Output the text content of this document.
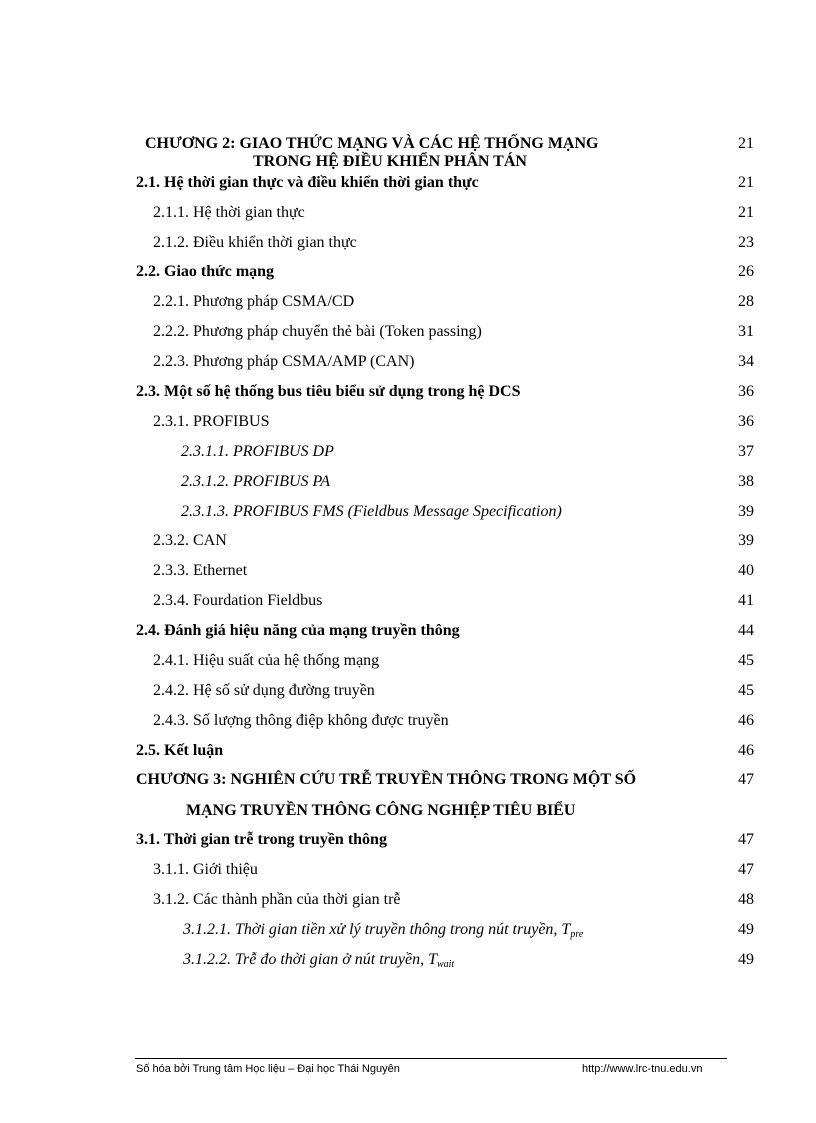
CHƯƠNG 2: GIAO THỨC MẠNG VÀ CÁC HỆ THỐNG MẠNG
TRONG HỆ ĐIỀU KHIỂN PHÂN TÁN
21
2.1. Hệ thời gian thực và điều khiển thời gian thực	21
2.1.1. Hệ thời gian thực	21
2.1.2. Điều khiển thời gian thực	23
2.2. Giao thức mạng	26
2.2.1. Phương pháp CSMA/CD	28
2.2.2. Phương pháp chuyển thẻ bài (Token passing)	31
2.2.3. Phương pháp CSMA/AMP (CAN)	34
2.3. Một số hệ thống bus tiêu biểu sử dụng trong hệ DCS	36
2.3.1. PROFIBUS	36
2.3.1.1. PROFIBUS DP	37
2.3.1.2. PROFIBUS PA	38
2.3.1.3. PROFIBUS FMS (Fieldbus Message Specification)	39
2.3.2. CAN	39
2.3.3. Ethernet	40
2.3.4. Fourdation Fieldbus	41
2.4. Đánh giá hiệu năng của mạng truyền thông	44
2.4.1. Hiệu suất của hệ thống mạng	45
2.4.2. Hệ số sử dụng đường truyền	45
2.4.3. Số lượng thông điệp không được truyền	46
2.5. Kết luận	46
CHƯƠNG 3: NGHIÊN CỨU TRỄ TRUYỀN THÔNG TRONG MỘT SỐ
MẠNG TRUYỀN THÔNG CÔNG NGHIỆP TIÊU BIỂU
47
3.1. Thời gian trễ trong truyền thông	47
3.1.1. Giới thiệu	47
3.1.2. Các thành phần của thời gian trễ	48
3.1.2.1. Thời gian tiền xử lý truyền thông trong nút truyền, $T_{pre}$	49
3.1.2.2. Trễ đo thời gian ở nút truyền, $T_{wait}$	49
Số hóa bởi Trung tâm Học liệu – Đại học Thái Nguyên	http://www.lrc-tnu.edu.vn
